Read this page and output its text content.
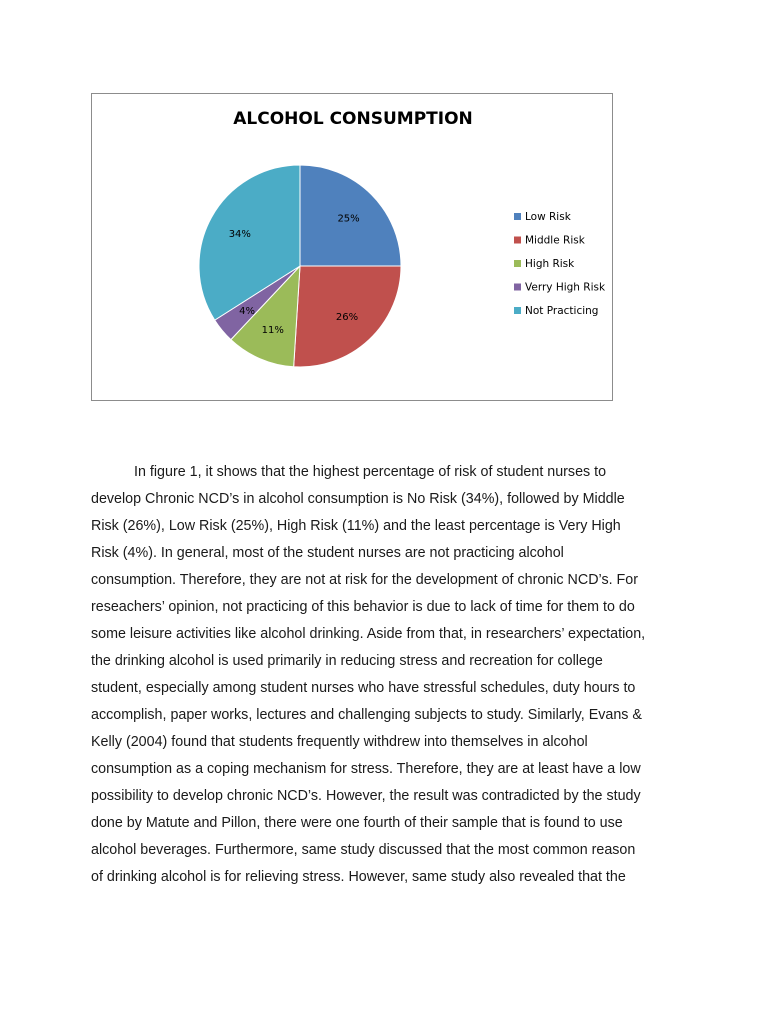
ALCOHOL CONSUMPTION
25%
26%
11%
4%
34%
Low Risk
Middle Risk
High Risk
Verry High Risk
Not Practicing
In figure 1, it shows that the highest percentage of risk of student nurses to
develop Chronic NCD’s in alcohol consumption is No Risk (34%), followed by Middle
Risk (26%), Low Risk (25%), High Risk (11%) and the least percentage is Very High
Risk (4%). In general, most of the student nurses are not practicing alcohol
consumption. Therefore, they are not at risk for the development of chronic NCD’s. For
reseachers’ opinion, not practicing of this behavior is due to lack of time for them to do
some leisure activities like alcohol drinking. Aside from that, in researchers’ expectation,
the drinking alcohol is used primarily in reducing stress and recreation for college
student, especially among student nurses who have stressful schedules, duty hours to
accomplish, paper works, lectures and challenging subjects to study. Similarly, Evans &
Kelly (2004) found that students frequently withdrew into themselves in alcohol
consumption as a coping mechanism for stress. Therefore, they are at least have a low
possibility to develop chronic NCD’s. However, the result was contradicted by the study
done by Matute and Pillon, there were one fourth of their sample that is found to use
alcohol beverages. Furthermore, same study discussed that the most common reason
of drinking alcohol is for relieving stress. However, same study also revealed that the
